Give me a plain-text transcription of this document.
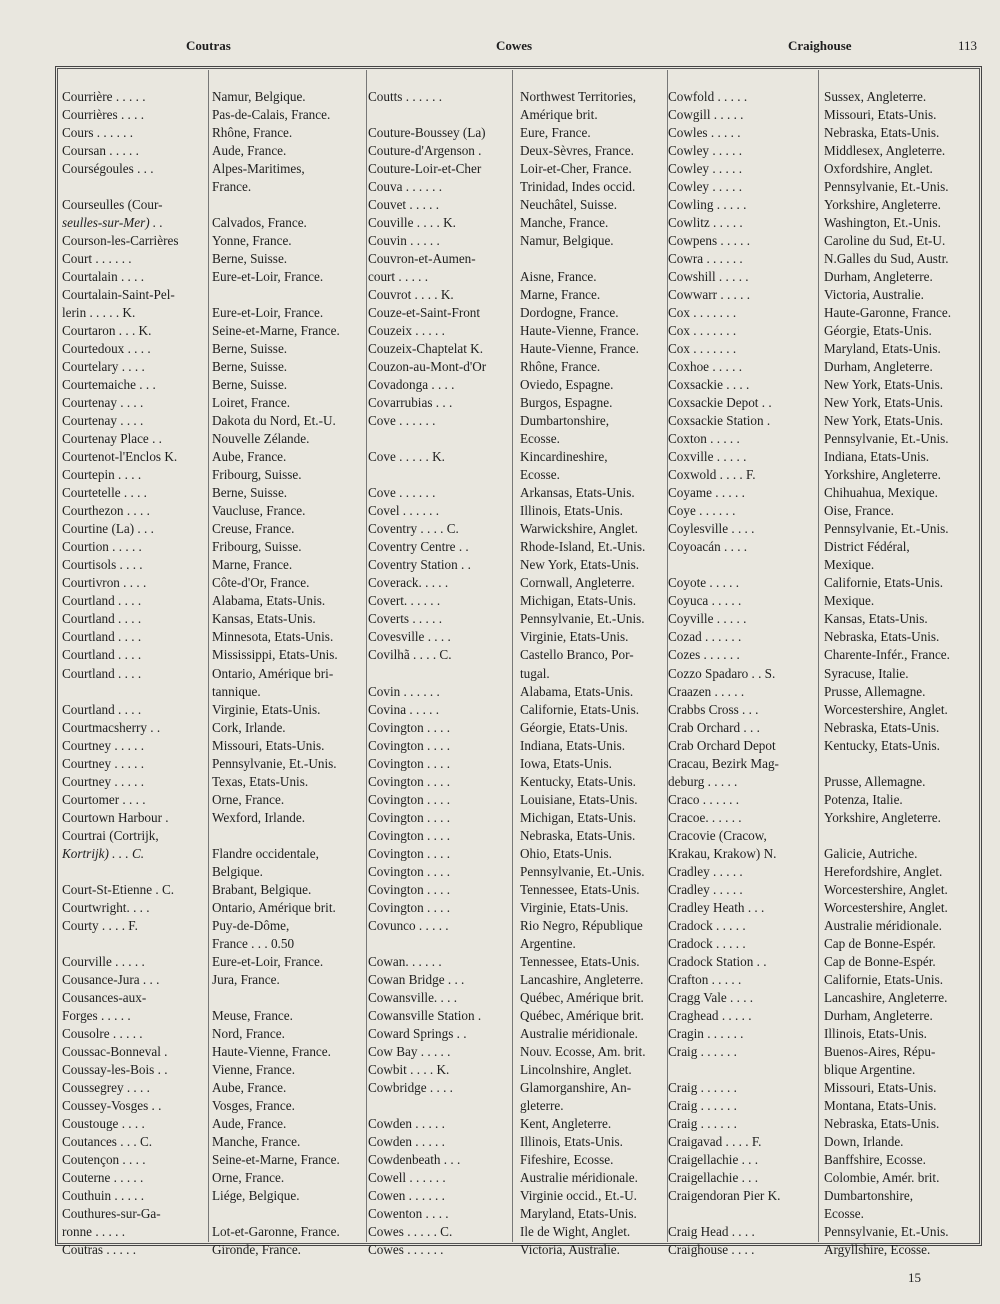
Coutras	Cowes	Craighouse	113
Courrière . . . . .	Namur, Belgique.
Courrières . . . .	Pas-de-Calais, France.
Cours . . . . . .	Rhône, France.
Coursan . . . . .	Aude, France.
Courségoules . . .	Alpes-Maritimes,
France.
Courseulles (Cour-
seulles-sur-Mer) . .	Calvados, France.
Courson-les-Carrières	Yonne, France.
Court . . . . . .	Berne, Suisse.
Courtalain . . . .	Eure-et-Loir, France.
Courtalain-Saint-Pel-
lerin . . . . . K.	Eure-et-Loir, France.
Courtaron . . . K.	Seine-et-Marne, France.
Courtedoux . . . .	Berne, Suisse.
Courtelary . . . .	Berne, Suisse.
Courtemaiche . . .	Berne, Suisse.
Courtenay . . . .	Loiret, France.
Courtenay . . . .	Dakota du Nord, Et.-U.
Courtenay Place . .	Nouvelle Zélande.
Courtenot-l'Enclos K.	Aube, France.
Courtepin . . . .	Fribourg, Suisse.
Courtetelle . . . .	Berne, Suisse.
Courthezon . . . .	Vaucluse, France.
Courtine (La) . . .	Creuse, France.
Courtion . . . . .	Fribourg, Suisse.
Courtisols . . . .	Marne, France.
Courtivron . . . .	Côte-d'Or, France.
Courtland . . . .	Alabama, Etats-Unis.
Courtland . . . .	Kansas, Etats-Unis.
Courtland . . . .	Minnesota, Etats-Unis.
Courtland . . . .	Mississippi, Etats-Unis.
Courtland . . . .	Ontario, Amérique bri-
tannique.
Courtland . . . .	Virginie, Etats-Unis.
Courtmacsherry . .	Cork, Irlande.
Courtney . . . . .	Missouri, Etats-Unis.
Courtney . . . . .	Pennsylvanie, Et.-Unis.
Courtney . . . . .	Texas, Etats-Unis.
Courtomer . . . .	Orne, France.
Courtown Harbour .	Wexford, Irlande.
Courtrai (Cortrijk,
Kortrijk) . . . C.	Flandre occidentale,
Belgique.
Court-St-Etienne . C.	Brabant, Belgique.
Courtwright. . . .	Ontario, Amérique brit.
Courty . . . . F.	Puy-de-Dôme,
France . . . 0.50
Courville . . . . .	Eure-et-Loir, France.
Cousance-Jura . . .	Jura, France.
Cousances-aux-
Forges . . . . .	Meuse, France.
Cousolre . . . . .	Nord, France.
Coussac-Bonneval .	Haute-Vienne, France.
Coussay-les-Bois . .	Vienne, France.
Coussegrey . . . .	Aube, France.
Coussey-Vosges . .	Vosges, France.
Coustouge . . . .	Aude, France.
Coutances . . . C.	Manche, France.
Coutençon . . . .	Seine-et-Marne, France.
Couterne . . . . .	Orne, France.
Couthuin . . . . .	Liége, Belgique.
Couthures-sur-Ga-
ronne . . . . .	Lot-et-Garonne, France.
Coutras . . . . .	Gironde, France.
Coutts . . . . . .	Northwest Territories,
Amérique brit.
Couture-Boussey (La)	Eure, France.
Couture-d'Argenson .	Deux-Sèvres, France.
Couture-Loir-et-Cher	Loir-et-Cher, France.
Couva . . . . . .	Trinidad, Indes occid.
Couvet . . . . .	Neuchâtel, Suisse.
Couville . . . . K.	Manche, France.
Couvin . . . . .	Namur, Belgique.
Couvron-et-Aumen-
court . . . . .	Aisne, France.
Couvrot . . . . K.	Marne, France.
Couze-et-Saint-Front	Dordogne, France.
Couzeix . . . . .	Haute-Vienne, France.
Couzeix-Chaptelat K.	Haute-Vienne, France.
Couzon-au-Mont-d'Or	Rhône, France.
Covadonga . . . .	Oviedo, Espagne.
Covarrubias . . .	Burgos, Espagne.
Cove . . . . . .	Dumbartonshire,
Ecosse.
Cove . . . . . K.	Kincardineshire,
Ecosse.
Cove . . . . . .	Arkansas, Etats-Unis.
Covel . . . . . .	Illinois, Etats-Unis.
Coventry . . . . C.	Warwickshire, Anglet.
Coventry Centre . .	Rhode-Island, Et.-Unis.
Coventry Station . .	New York, Etats-Unis.
Coverack. . . . .	Cornwall, Angleterre.
Covert. . . . . .	Michigan, Etats-Unis.
Coverts . . . . .	Pennsylvanie, Et.-Unis.
Covesville . . . .	Virginie, Etats-Unis.
Covilhã . . . . C.	Castello Branco, Por-
tugal.
Covin . . . . . .	Alabama, Etats-Unis.
Covina . . . . .	Californie, Etats-Unis.
Covington . . . .	Géorgie, Etats-Unis.
Covington . . . .	Indiana, Etats-Unis.
Covington . . . .	Iowa, Etats-Unis.
Covington . . . .	Kentucky, Etats-Unis.
Covington . . . .	Louisiane, Etats-Unis.
Covington . . . .	Michigan, Etats-Unis.
Covington . . . .	Nebraska, Etats-Unis.
Covington . . . .	Ohio, Etats-Unis.
Covington . . . .	Pennsylvanie, Et.-Unis.
Covington . . . .	Tennessee, Etats-Unis.
Covington . . . .	Virginie, Etats-Unis.
Covunco . . . . .	Rio Negro, République
Argentine.
Cowan. . . . . .	Tennessee, Etats-Unis.
Cowan Bridge . . .	Lancashire, Angleterre.
Cowansville. . . .	Québec, Amérique brit.
Cowansville Station .	Québec, Amérique brit.
Coward Springs . .	Australie méridionale.
Cow Bay . . . . .	Nouv. Ecosse, Am. brit.
Cowbit . . . . K.	Lincolnshire, Anglet.
Cowbridge . . . .	Glamorganshire, An-
gleterre.
Cowden . . . . .	Kent, Angleterre.
Cowden . . . . .	Illinois, Etats-Unis.
Cowdenbeath . . .	Fifeshire, Ecosse.
Cowell . . . . . .	Australie méridionale.
Cowen . . . . . .	Virginie occid., Et.-U.
Cowenton . . . .	Maryland, Etats-Unis.
Cowes . . . . . C.	Ile de Wight, Anglet.
Cowes . . . . . .	Victoria, Australie.
Cowfold . . . . .	Sussex, Angleterre.
Cowgill . . . . .	Missouri, Etats-Unis.
Cowles . . . . .	Nebraska, Etats-Unis.
Cowley . . . . .	Middlesex, Angleterre.
Cowley . . . . .	Oxfordshire, Anglet.
Cowley . . . . .	Pennsylvanie, Et.-Unis.
Cowling . . . . .	Yorkshire, Angleterre.
Cowlitz . . . . .	Washington, Et.-Unis.
Cowpens . . . . .	Caroline du Sud, Et-U.
Cowra . . . . . .	N.Galles du Sud, Austr.
Cowshill . . . . .	Durham, Angleterre.
Cowwarr . . . . .	Victoria, Australie.
Cox . . . . . . .	Haute-Garonne, France.
Cox . . . . . . .	Géorgie, Etats-Unis.
Cox . . . . . . .	Maryland, Etats-Unis.
Coxhoe . . . . .	Durham, Angleterre.
Coxsackie . . . .	New York, Etats-Unis.
Coxsackie Depot . .	New York, Etats-Unis.
Coxsackie Station .	New York, Etats-Unis.
Coxton . . . . .	Pennsylvanie, Et.-Unis.
Coxville . . . . .	Indiana, Etats-Unis.
Coxwold . . . . F.	Yorkshire, Angleterre.
Coyame . . . . .	Chihuahua, Mexique.
Coye . . . . . .	Oise, France.
Coylesville . . . .	Pennsylvanie, Et.-Unis.
Coyoacán . . . .	District Fédéral,
Mexique.
Coyote . . . . .	Californie, Etats-Unis.
Coyuca . . . . .	Mexique.
Coyville . . . . .	Kansas, Etats-Unis.
Cozad . . . . . .	Nebraska, Etats-Unis.
Cozes . . . . . .	Charente-Infér., France.
Cozzo Spadaro . . S.	Syracuse, Italie.
Craazen . . . . .	Prusse, Allemagne.
Crabbs Cross . . .	Worcestershire, Anglet.
Crab Orchard . . .	Nebraska, Etats-Unis.
Crab Orchard Depot	Kentucky, Etats-Unis.
Cracau, Bezirk Mag-
deburg . . . . .	Prusse, Allemagne.
Craco . . . . . .	Potenza, Italie.
Cracoe. . . . . .	Yorkshire, Angleterre.
Cracovie (Cracow,
Krakau, Krakow) N.	Galicie, Autriche.
Cradley . . . . .	Herefordshire, Anglet.
Cradley . . . . .	Worcestershire, Anglet.
Cradley Heath . . .	Worcestershire, Anglet.
Cradock . . . . .	Australie méridionale.
Cradock . . . . .	Cap de Bonne-Espér.
Cradock Station . .	Cap de Bonne-Espér.
Crafton . . . . .	Californie, Etats-Unis.
Cragg Vale . . . .	Lancashire, Angleterre.
Craghead . . . . .	Durham, Angleterre.
Cragin . . . . . .	Illinois, Etats-Unis.
Craig . . . . . .	Buenos-Aires, Répu-
blique Argentine.
Craig . . . . . .	Missouri, Etats-Unis.
Craig . . . . . .	Montana, Etats-Unis.
Craig . . . . . .	Nebraska, Etats-Unis.
Craigavad . . . . F.	Down, Irlande.
Craigellachie . . .	Banffshire, Ecosse.
Craigellachie . . .	Colombie, Amér. brit.
Craigendoran Pier K.	Dumbartonshire,
Ecosse.
Craig Head . . . .	Pennsylvanie, Et.-Unis.
Craighouse . . . .	Argyllshire, Ecosse.
15
